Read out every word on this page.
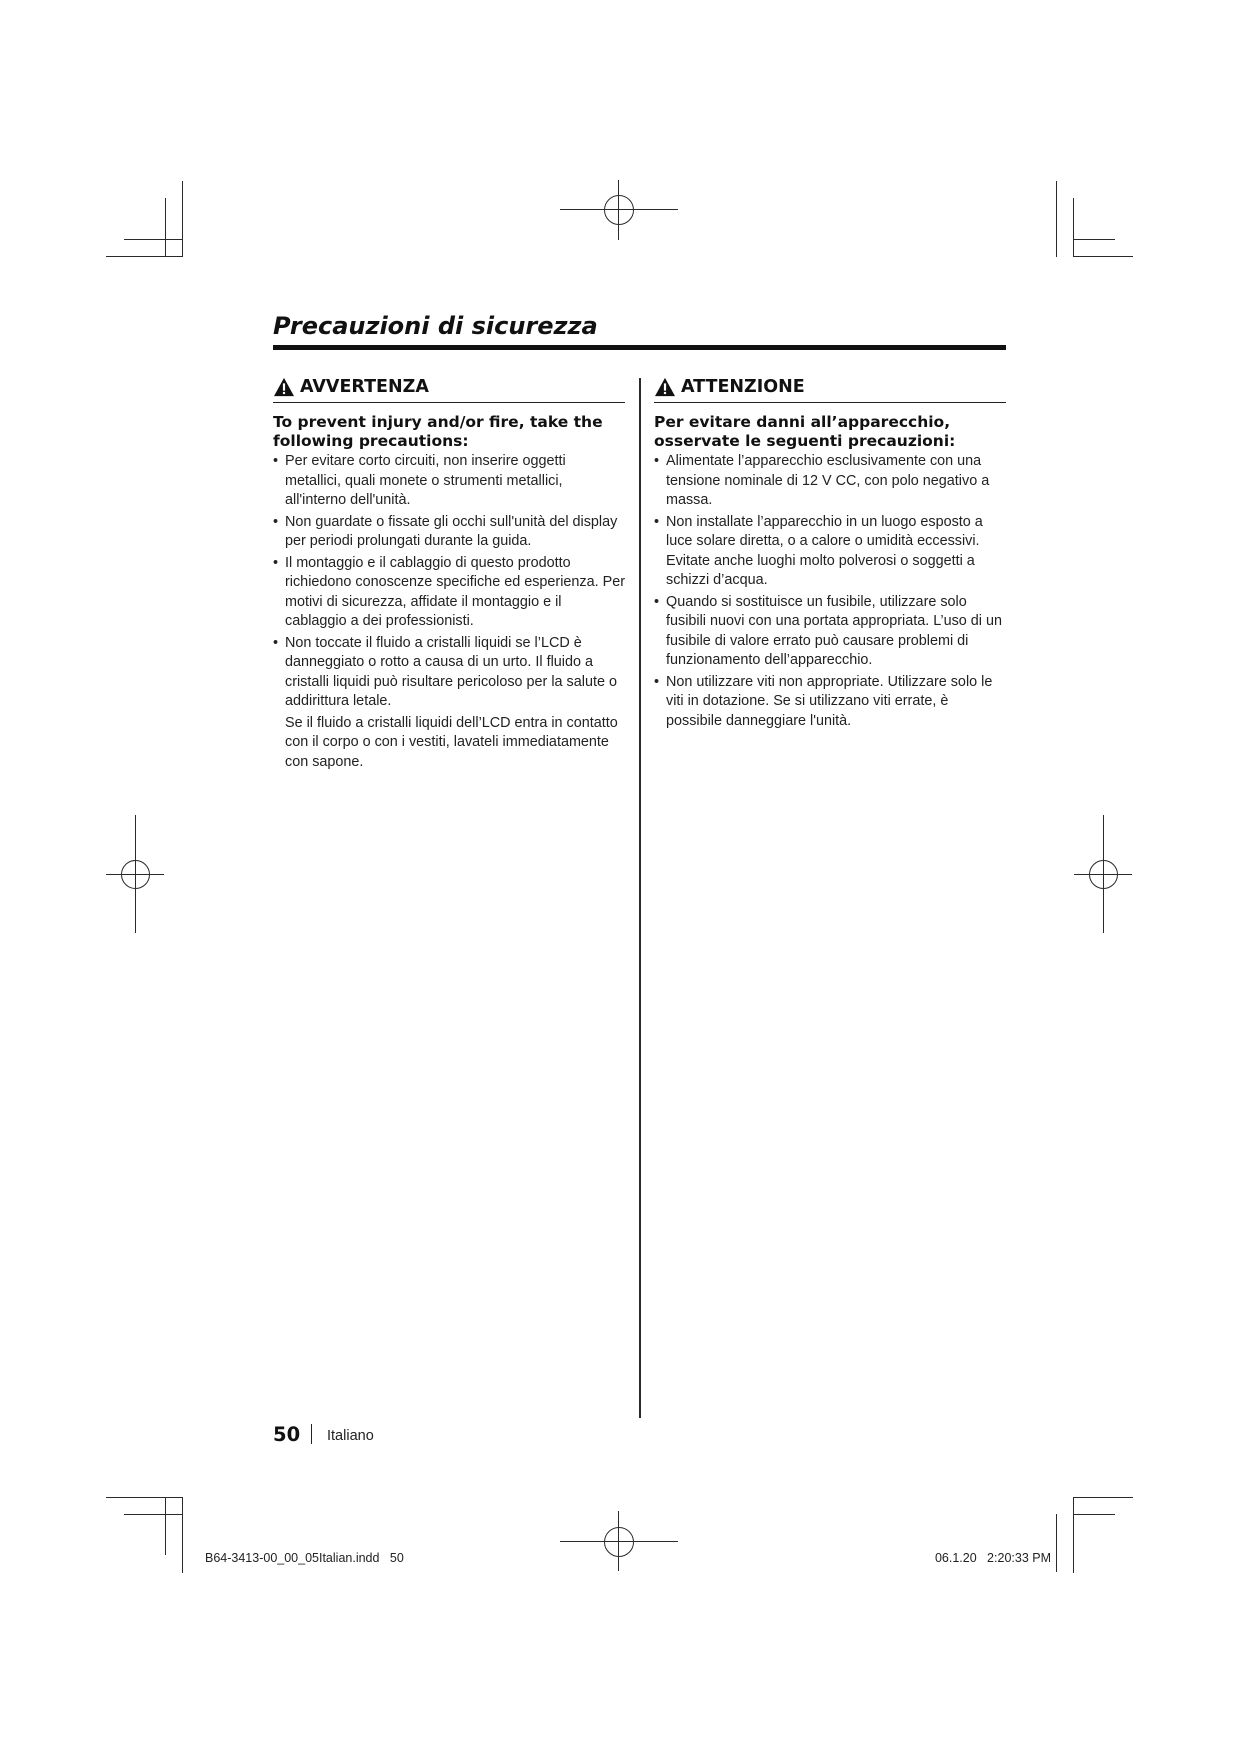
Precauzioni di sicurezza
AVVERTENZA

To prevent injury and/or fire, take the following precautions:

• Per evitare corto circuiti, non inserire oggetti metallici, quali monete o strumenti metallici, all'interno dell'unità.
• Non guardate o fissate gli occhi sull'unità del display per periodi prolungati durante la guida.
• Il montaggio e il cablaggio di questo prodotto richiedono conoscenze specifiche ed esperienza. Per motivi di sicurezza, affidate il montaggio e il cablaggio a dei professionisti.
• Non toccate il fluido a cristalli liquidi se l’LCD è danneggiato o rotto a causa di un urto. Il fluido a cristalli liquidi può risultare pericoloso per la salute o addirittura letale.

Se il fluido a cristalli liquidi dell’LCD entra in contatto con il corpo o con i vestiti, lavateli immediatamente con sapone.

ATTENZIONE

Per evitare danni all’apparecchio, osservate le seguenti precauzioni:

• Alimentate l’apparecchio esclusivamente con una tensione nominale di 12 V CC, con polo negativo a massa.
• Non installate l’apparecchio in un luogo esposto a luce solare diretta, o a calore o umidità eccessivi. Evitate anche luoghi molto polverosi o soggetti a schizzi d’acqua.
• Quando si sostituisce un fusibile, utilizzare solo fusibili nuovi con una portata appropriata. L’uso di un fusibile di valore errato può causare problemi di funzionamento dell’apparecchio.
• Non utilizzare viti non appropriate. Utilizzare solo le viti in dotazione. Se si utilizzano viti errate, è possibile danneggiare l'unità.
50 Italiano
B64-3413-00_00_05Italian.indd   50	06.1.20   2:20:33 PM
